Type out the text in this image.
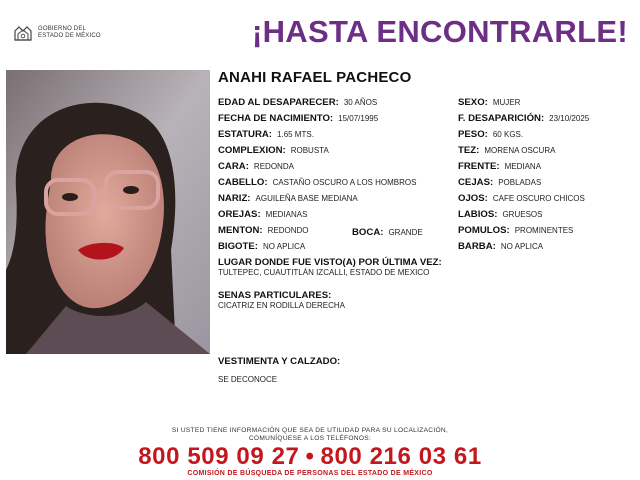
GOBIERNO DEL
ESTADO DE MÉXICO	¡HASTA ENCONTRARLE!
ANAHI RAFAEL PACHECO
EDAD AL DESAPARECER: 30 AÑOS
FECHA DE NACIMIENTO: 15/07/1995
ESTATURA: 1.65 MTS.
COMPLEXION: ROBUSTA
CARA: REDONDA
CABELLO: CASTAÑO OSCURO A LOS HOMBROS
NARIZ: AGUILEÑA BASE MEDIANA
OREJAS: MEDIANAS
MENTON: REDONDO	BOCA: GRANDE
BIGOTE: NO APLICA
SEXO: MUJER
F. DESAPARICIÓN: 23/10/2025
PESO: 60 KGS.
TEZ: MORENA OSCURA
FRENTE: MEDIANA
CEJAS: POBLADAS
OJOS: CAFE OSCURO CHICOS
LABIOS: GRUESOS
POMULOS: PROMINENTES
BARBA: NO APLICA
LUGAR DONDE FUE VISTO(A) POR ÚLTIMA VEZ:
TULTEPEC, CUAUTITLÁN IZCALLI, ESTADO DE MEXICO
SENAS PARTICULARES:
CICATRIZ EN RODILLA DERECHA
VESTIMENTA Y CALZADO:
SE DECONOCE
SI USTED TIENE INFORMACIÓN QUE SEA DE UTILIDAD PARA SU LOCALIZACIÓN,
COMUNÍQUESE A LOS TELÉFONOS:
800 509 09 27 • 800 216 03 61
COMISIÓN DE BÚSQUEDA DE PERSONAS DEL ESTADO DE MÉXICO
